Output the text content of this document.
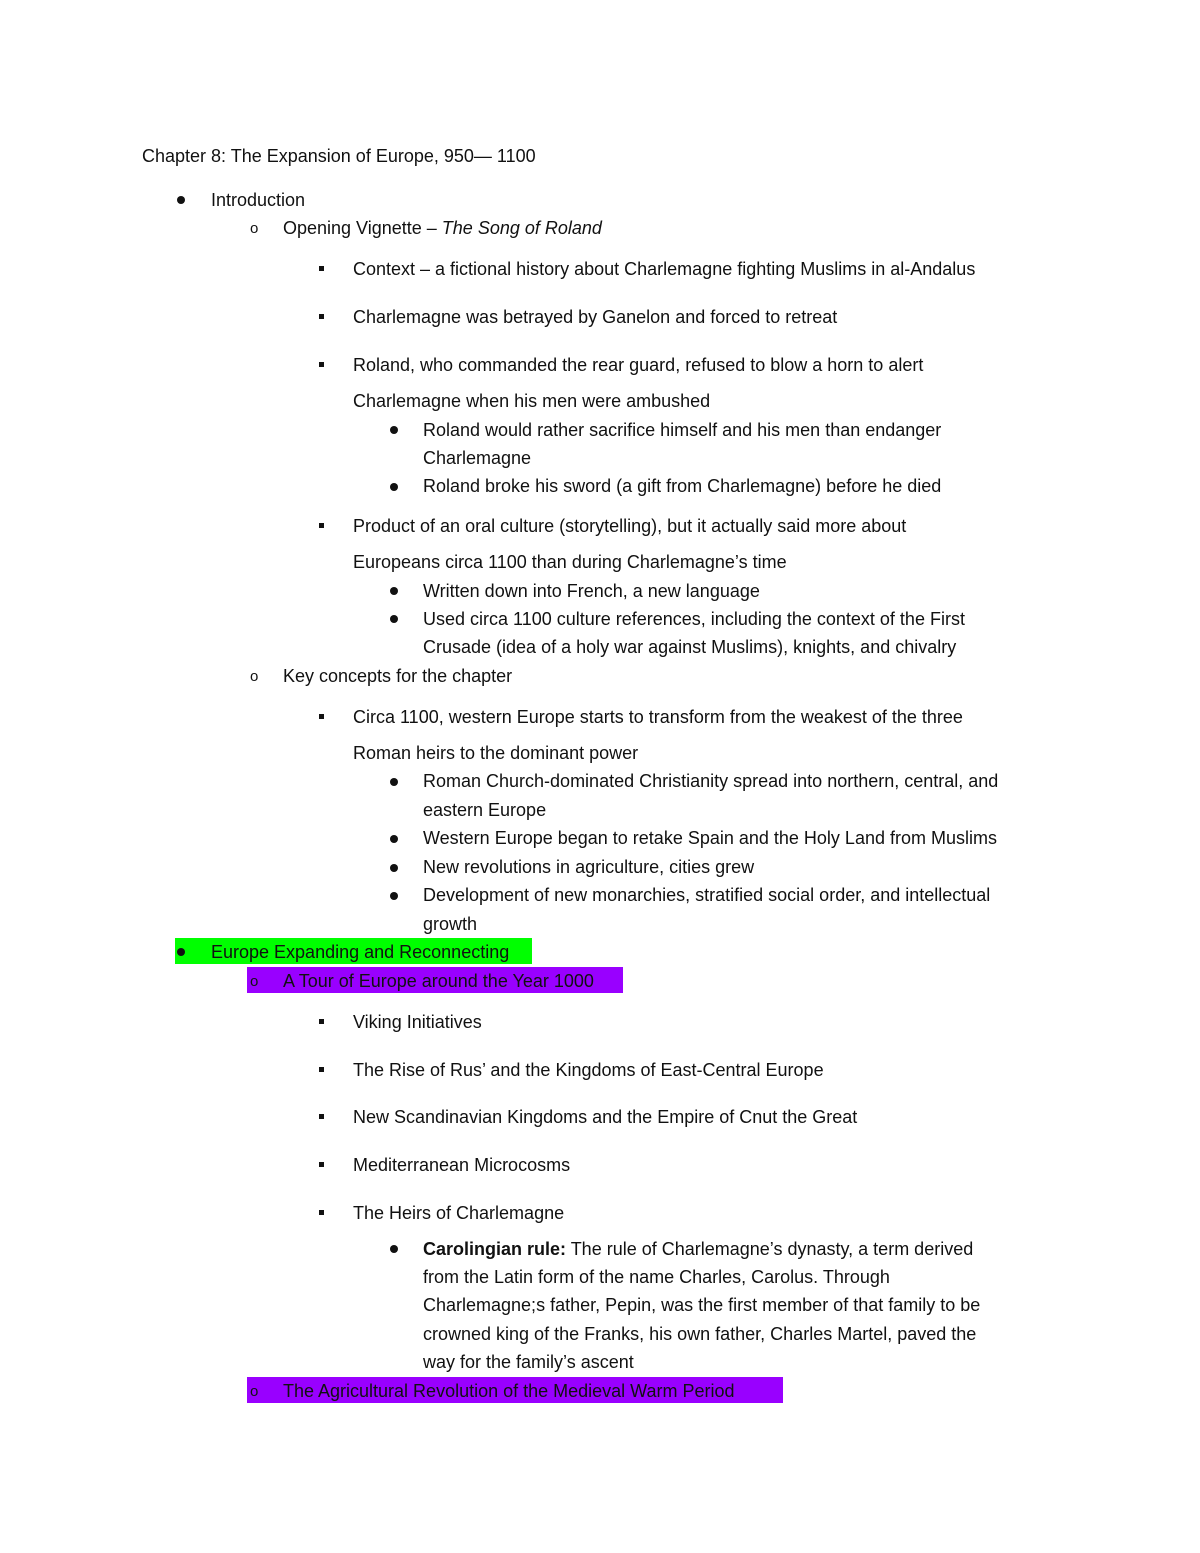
Chapter 8: The Expansion of Europe, 950— 1100
Introduction
o Opening Vignette – The Song of Roland
Context – a fictional history about Charlemagne fighting Muslims in al-Andalus
Charlemagne was betrayed by Ganelon and forced to retreat
Roland, who commanded the rear guard, refused to blow a horn to alert
Charlemagne when his men were ambushed
Roland would rather sacrifice himself and his men than endanger
Charlemagne
Roland broke his sword (a gift from Charlemagne) before he died
Product of an oral culture (storytelling), but it actually said more about
Europeans circa 1100 than during Charlemagne’s time
Written down into French, a new language
Used circa 1100 culture references, including the context of the First
Crusade (idea of a holy war against Muslims), knights, and chivalry
o Key concepts for the chapter
Circa 1100, western Europe starts to transform from the weakest of the three
Roman heirs to the dominant power
Roman Church-dominated Christianity spread into northern, central, and
eastern Europe
Western Europe began to retake Spain and the Holy Land from Muslims
New revolutions in agriculture, cities grew
Development of new monarchies, stratified social order, and intellectual
growth
Europe Expanding and Reconnecting
o A Tour of Europe around the Year 1000
Viking Initiatives
The Rise of Rus’ and the Kingdoms of East-Central Europe
New Scandinavian Kingdoms and the Empire of Cnut the Great
Mediterranean Microcosms
The Heirs of Charlemagne
Carolingian rule: The rule of Charlemagne’s dynasty, a term derived
from the Latin form of the name Charles, Carolus. Through
Charlemagne;s father, Pepin, was the first member of that family to be
crowned king of the Franks, his own father, Charles Martel, paved the
way for the family’s ascent
o The Agricultural Revolution of the Medieval Warm Period
